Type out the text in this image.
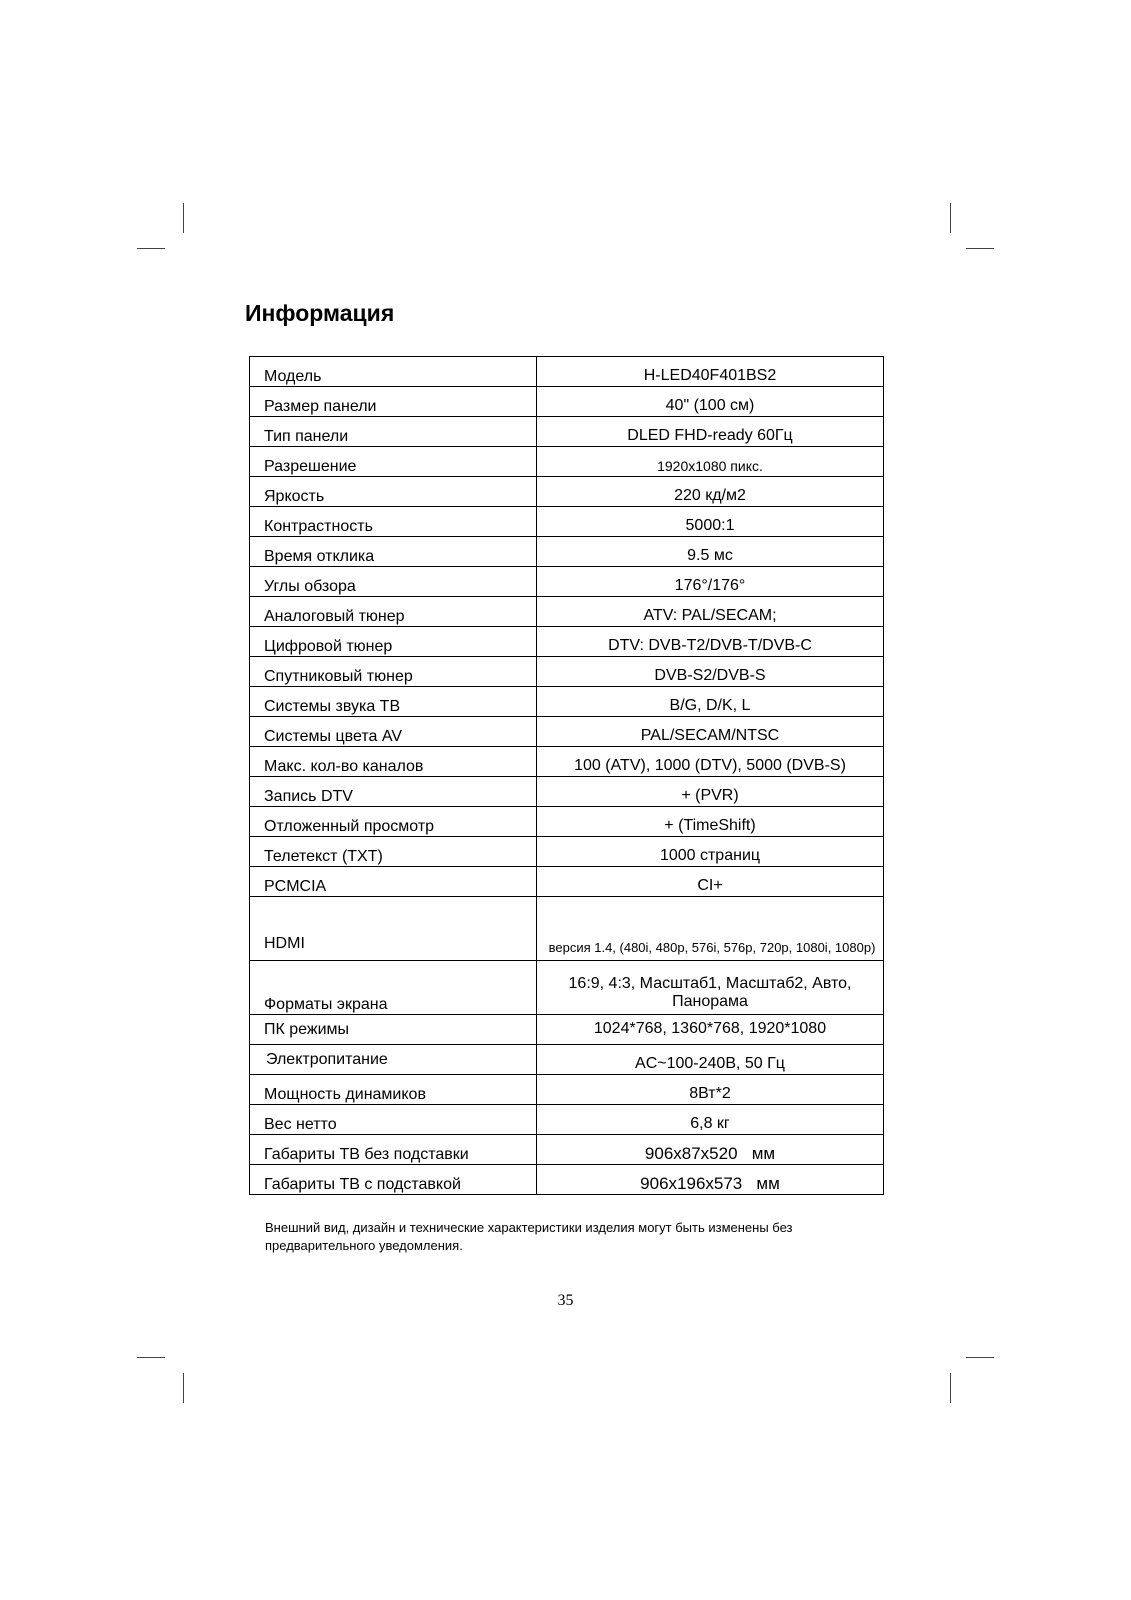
Информация
Модель	H-LED40F401BS2
Размер панели	40" (100 см)
Тип панели	DLED FHD-ready 60Гц
Разрешение	1920x1080 пикс.
Яркость	220 кд/м2
Контрастность	5000:1
Время отклика	9.5 мс
Углы обзора	176°/176°
Аналоговый тюнер	ATV: PAL/SECAM;
Цифровой тюнер	DTV: DVB-T2/DVB-T/DVB-C
Спутниковый тюнер	DVB-S2/DVB-S
Системы звука ТВ	B/G, D/K, L
Системы цвета AV	PAL/SECAM/NTSC
Макс. кол-во каналов	100 (ATV), 1000 (DTV), 5000 (DVB-S)
Запись DTV	+ (PVR)
Отложенный просмотр	+ (TimeShift)
Телетекст (TXT)	1000 страниц
PCMCIA	CI+
HDMI	версия 1.4, (480i, 480p, 576i, 576p, 720p, 1080i, 1080p)
Форматы экрана	16:9, 4:3, Масштаб1, Масштаб2, Авто, Панорама
ПК режимы	1024*768, 1360*768, 1920*1080
Электропитание	AC~100-240В, 50 Гц
Мощность динамиков	8Вт*2
Вес нетто	6,8 кг
Габариты ТВ без подставки	906x87x520   мм
Габариты ТВ с подставкой	906x196x573   мм
Внешний вид, дизайн и технические характеристики изделия могут быть изменены без предварительного уведомления.
35
